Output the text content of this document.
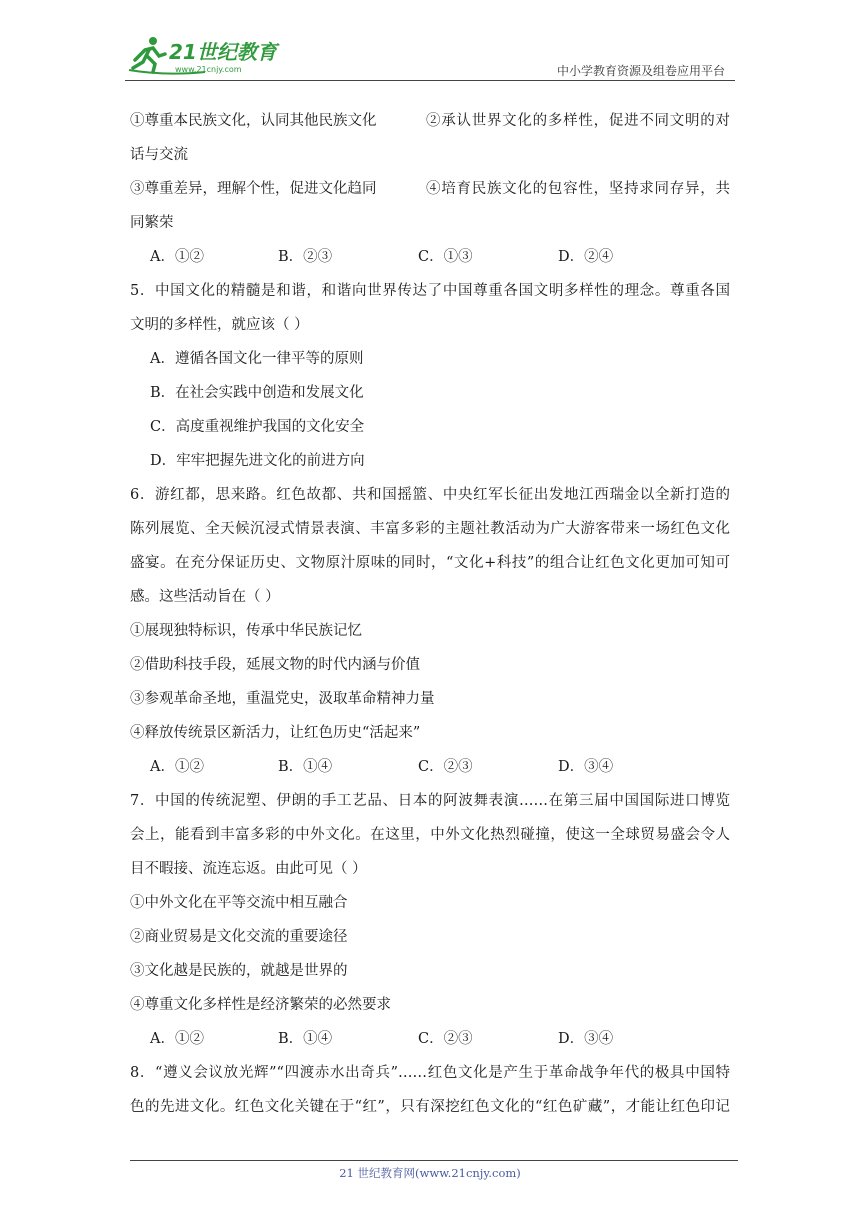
21世纪教育
www.21cnjy.com	中小学教育资源及组卷应用平台
①尊重本民族文化，认同其他民族文化	②承认世界文化的多样性，促进不同文明的对
话与交流
③尊重差异，理解个性，促进文化趋同	④培育民族文化的包容性，坚持求同存异，共
同繁荣
A．①②	B．②③	C．①③	D．②④
5．中国文化的精髓是和谐，和谐向世界传达了中国尊重各国文明多样性的理念。尊重各国
文明的多样性，就应该（ ）
A．遵循各国文化一律平等的原则
B．在社会实践中创造和发展文化
C．高度重视维护我国的文化安全
D．牢牢把握先进文化的前进方向
6．游红都，思来路。红色故都、共和国摇篮、中央红军长征出发地江西瑞金以全新打造的
陈列展览、全天候沉浸式情景表演、丰富多彩的主题社教活动为广大游客带来一场红色文化
盛宴。在充分保证历史、文物原汁原味的同时，“文化+科技”的组合让红色文化更加可知可
感。这些活动旨在（ ）
①展现独特标识，传承中华民族记忆
②借助科技手段，延展文物的时代内涵与价值
③参观革命圣地，重温党史，汲取革命精神力量
④释放传统景区新活力，让红色历史“活起来”
A．①②	B．①④	C．②③	D．③④
7．中国的传统泥塑、伊朗的手工艺品、日本的阿波舞表演……在第三届中国国际进口博览
会上，能看到丰富多彩的中外文化。在这里，中外文化热烈碰撞，使这一全球贸易盛会令人
目不暇接、流连忘返。由此可见（ ）
①中外文化在平等交流中相互融合
②商业贸易是文化交流的重要途径
③文化越是民族的，就越是世界的
④尊重文化多样性是经济繁荣的必然要求
A．①②	B．①④	C．②③	D．③④
8．“遵义会议放光辉”“四渡赤水出奇兵”……红色文化是产生于革命战争年代的极具中国特
色的先进文化。红色文化关键在于“红”，只有深挖红色文化的“红色矿藏”，才能让红色印记
21 世纪教育网(www.21cnjy.com)
